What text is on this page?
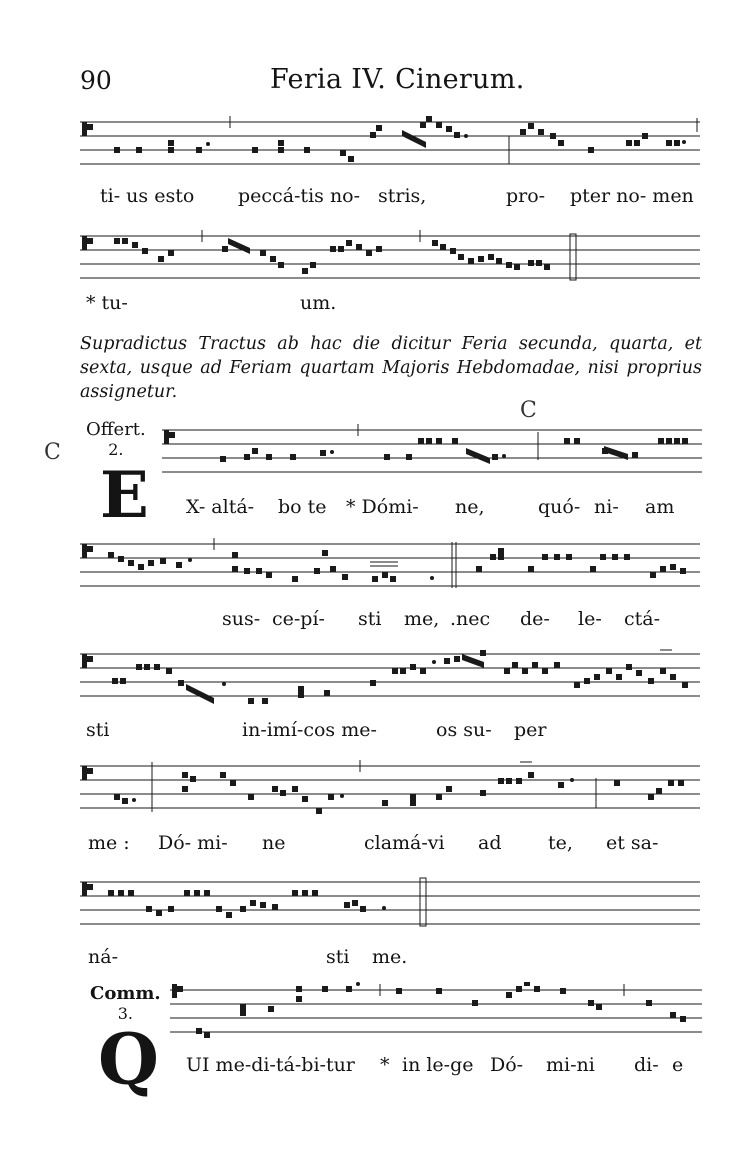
90	Feria IV. Cinerum.
ti- us esto peccá-tis no- stris,	pro- pter no- men
* tu-	um.
Supradictus Tractus ab hac die dicitur Feria secunda, quarta, et sexta, usque ad Feriam quartam Majoris Hebdomadae, nisi proprius assignetur.
C
C
Offert.
2.
E X- altá- bo te * Dómi- ne,	quó- ni- am
sus- ce-pí- sti me, .nec de- le- ctá-
sti	in-imí-cos me-	os su- per
me : Dó- mi- ne	clamá-vi ad te, et sa-
ná-	sti me.
Comm.
3.
Q UI me-di-tá-bi-tur * in le-ge Dó- mi-ni di- e
